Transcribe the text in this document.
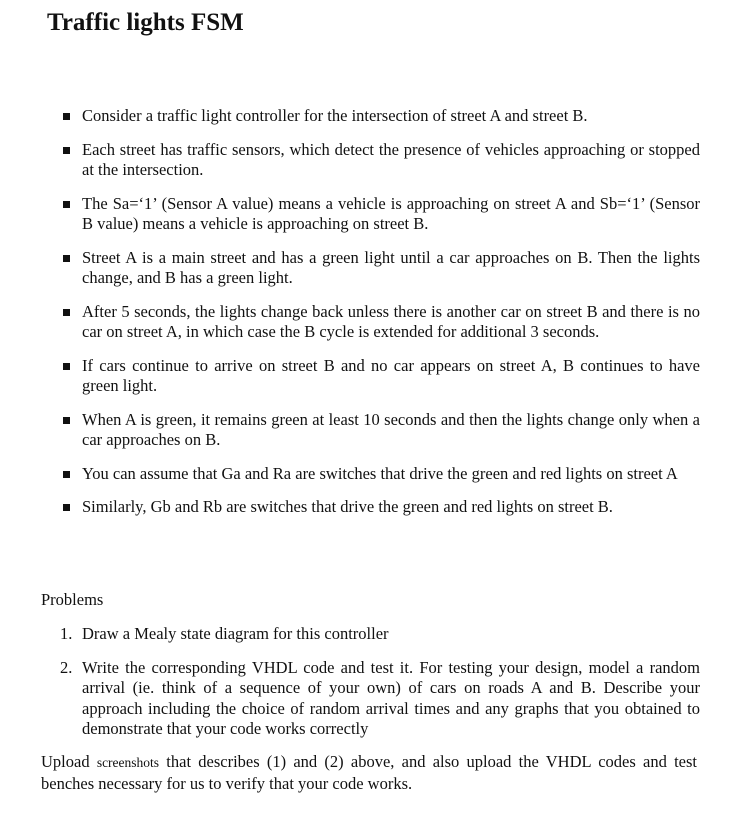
Traffic lights FSM
Consider a traffic light controller for the intersection of street A and street B.
Each street has traffic sensors, which detect the presence of vehicles approaching or stopped at the intersection.
The Sa=‘1’ (Sensor A value) means a vehicle is approaching on street A and Sb=‘1’ (Sensor B value) means a vehicle is approaching on street B.
Street A is a main street and has a green light until a car approaches on B. Then the lights change, and B has a green light.
After 5 seconds, the lights change back unless there is another car on street B and there is no car on street A, in which case the B cycle is extended for additional 3 seconds.
If cars continue to arrive on street B and no car appears on street A, B continues to have green light.
When A is green, it remains green at least 10 seconds and then the lights change only when a car approaches on B.
You can assume that Ga and Ra are switches that drive the green and red lights on street A
Similarly, Gb and Rb are switches that drive the green and red lights on street B.

Problems

1. Draw a Mealy state diagram for this controller
2. Write the corresponding VHDL code and test it. For testing your design, model a random arrival (ie. think of a sequence of your own) of cars on roads A and B. Describe your approach including the choice of random arrival times and any graphs that you obtained to demonstrate that your code works correctly

Upload screenshots that describes (1) and (2) above, and also upload the VHDL codes and test benches necessary for us to verify that your code works.
